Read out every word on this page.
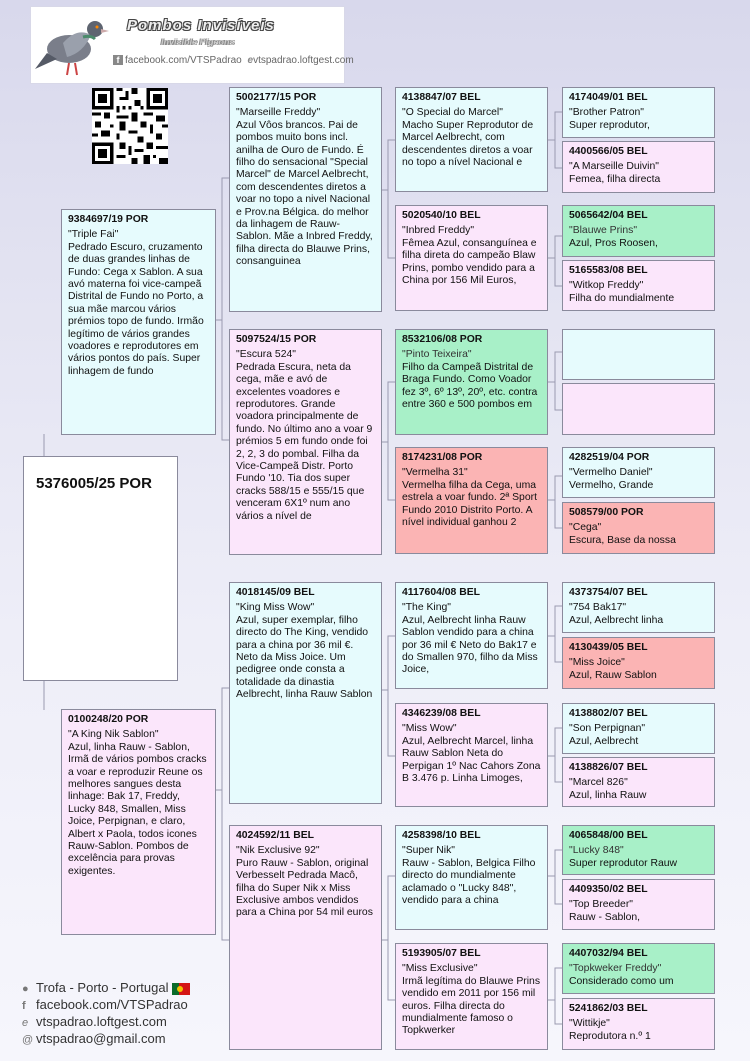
Pombos Invisíveis
Invisible Pigeons
f facebook.com/VTSPadrao evtspadrao.loftgest.com
5376005/25 POR
9384697/19 POR
"Triple Fai"
Pedrado Escuro, cruzamento de duas grandes linhas de Fundo: Cega x Sablon. A sua avó materna foi vice-campeã Distrital de Fundo no Porto, a sua mãe marcou vários prémios topo de fundo. Irmão legítimo de vários grandes voadores e reprodutores em vários pontos do país. Super linhagem de fundo
0100248/20 POR
"A King Nik Sablon"
Azul, linha Rauw - Sablon, Irmã de vários pombos cracks a voar e reproduzir Reune os melhores sangues desta linhage: Bak 17, Freddy, Lucky 848, Smallen, Miss Joice, Perpignan, e claro, Albert x Paola, todos icones Rauw-Sablon. Pombos de excelência para provas exigentes.
5002177/15 POR
"Marseille Freddy"
Azul Vôos brancos. Pai de pombos muito bons incl. anilha de Ouro de Fundo. É filho do sensacional "Special Marcel" de Marcel Aelbrecht, com descendentes diretos a voar no topo a nivel Nacional e Prov.na Bélgica. do melhor da linhagem de Rauw-Sablon. Mãe a Inbred Freddy, filha directa do Blauwe Prins, consanguinea
5097524/15 POR
"Escura 524"
Pedrada Escura, neta da cega, mãe e avó de excelentes voadores e reprodutores. Grande voadora principalmente de fundo. No último ano a voar 9 prémios 5 em fundo onde foi 2, 2, 3 do pombal. Filha da Vice-Campeã Distr. Porto Fundo '10. Tia dos super cracks 588/15 e 555/15 que venceram 6X1º num ano vários a nível de
4018145/09 BEL
"King Miss Wow"
Azul, super exemplar, filho directo do The King, vendido para a china por 36 mil €. Neto da Miss Joice. Um pedigree onde consta a totalidade da dinastia Aelbrecht, linha Rauw Sablon
4024592/11 BEL
"Nik Exclusive 92"
Puro Rauw - Sablon, original Verbesselt Pedrada Macô, filha do Super Nik x Miss Exclusive ambos vendidos para a China por 54 mil euros
4138847/07 BEL
"O Special do Marcel"
Macho Super Reprodutor de Marcel Aelbrecht, com descendentes diretos a voar no topo a nível Nacional e
5020540/10 BEL
"Inbred Freddy"
Fêmea Azul, consanguínea e filha direta do campeão Blaw Prins, pombo vendido para a China por 156 Mil Euros,
8532106/08 POR
"Pinto Teixeira"
Filho da Campeã Distrital de Braga Fundo. Como Voador fez 3º, 6º 13º, 20º, etc. contra entre 360 e 500 pombos em
8174231/08 POR
"Vermelha 31"
Vermelha filha da Cega, uma estrela a voar fundo. 2ª Sport Fundo 2010 Distrito Porto. A nível individual ganhou 2
4117604/08 BEL
"The King"
Azul, Aelbrecht linha Rauw Sablon vendido para a china por 36 mil € Neto do Bak17 e do Smallen 970, filho da Miss Joice,
4346239/08 BEL
"Miss Wow"
Azul, Aelbrecht Marcel, linha Rauw Sablon Neta do Perpigan 1º Nac Cahors Zona B 3.476 p. Linha Limoges,
4258398/10 BEL
"Super Nik"
Rauw - Sablon, Belgica Filho directo do mundialmente aclamado o "Lucky 848", vendido para a china
5193905/07 BEL
"Miss Exclusive"
Irmã legítima do Blauwe Prins vendido em 2011 por 156 mil euros. Filha directa do mundialmente famoso o Topkwerker
4174049/01 BEL
"Brother Patron"
Super reprodutor,
4400566/05 BEL
"A Marseille Duivin"
Femea, filha directa
5065642/04 BEL
"Blauwe Prins"
Azul, Pros Roosen,
5165583/08 BEL
"Witkop Freddy"
Filha do mundialmente
4282519/04 POR
"Vermelho Daniel"
Vermelho, Grande
508579/00 POR
"Cega"
Escura, Base da nossa
4373754/07 BEL
"754 Bak17"
Azul, Aelbrecht linha
4130439/05 BEL
"Miss Joice"
Azul, Rauw Sablon
4138802/07 BEL
"Son Perpignan"
Azul, Aelbrecht
4138826/07 BEL
"Marcel 826"
Azul, linha Rauw
4065848/00 BEL
"Lucky 848"
Super reprodutor Rauw
4409350/02 BEL
"Top Breeder"
Rauw - Sablon,
4407032/94 BEL
"Topkweker Freddy"
Considerado como um
5241862/03 BEL
"Wittikje"
Reprodutora n.º 1
● Trofa - Porto - Portugal
f facebook.com/VTSPadrao
e vtspadrao.loftgest.com
@ vtspadrao@gmail.com
